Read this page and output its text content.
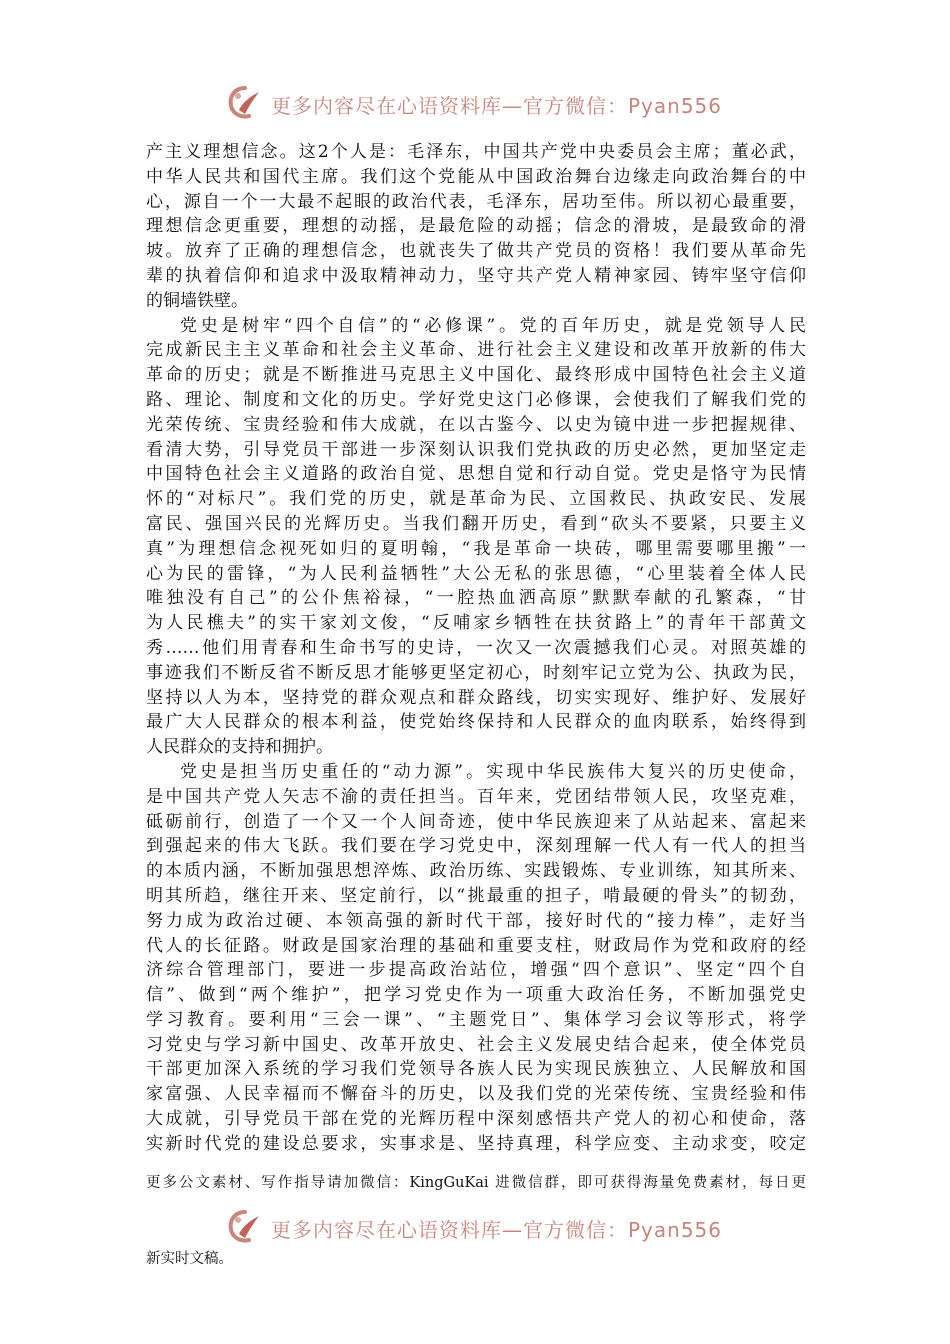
更多内容尽在心语资料库—官方微信：Pyan556
产主义理想信念。这2个人是：毛泽东，中国共产党中央委员会主席；董必武，
中华人民共和国代主席。我们这个党能从中国政治舞台边缘走向政治舞台的中
心，源自一个一大最不起眼的政治代表，毛泽东，居功至伟。所以初心最重要，
理想信念更重要，理想的动摇，是最危险的动摇；信念的滑坡，是最致命的滑
坡。放弃了正确的理想信念，也就丧失了做共产党员的资格！我们要从革命先
辈的执着信仰和追求中汲取精神动力，坚守共产党人精神家园、铸牢坚守信仰
的铜墙铁壁。
党史是树牢“四个自信”的“必修课”。党的百年历史，就是党领导人民
完成新民主主义革命和社会主义革命、进行社会主义建设和改革开放新的伟大
革命的历史；就是不断推进马克思主义中国化、最终形成中国特色社会主义道
路、理论、制度和文化的历史。学好党史这门必修课，会使我们了解我们党的
光荣传统、宝贵经验和伟大成就，在以古鉴今、以史为镜中进一步把握规律、
看清大势，引导党员干部进一步深刻认识我们党执政的历史必然，更加坚定走
中国特色社会主义道路的政治自觉、思想自觉和行动自觉。党史是恪守为民情
怀的“对标尺”。我们党的历史，就是革命为民、立国救民、执政安民、发展
富民、强国兴民的光辉历史。当我们翻开历史，看到“砍头不要紧，只要主义
真”为理想信念视死如归的夏明翰，“我是革命一块砖，哪里需要哪里搬”一
心为民的雷锋，“为人民利益牺牲”大公无私的张思德，“心里装着全体人民
唯独没有自己”的公仆焦裕禄，“一腔热血洒高原”默默奉献的孔繁森，“甘
为人民樵夫”的实干家刘文俊，“反哺家乡牺牲在扶贫路上”的青年干部黄文
秀……他们用青春和生命书写的史诗，一次又一次震撼我们心灵。对照英雄的
事迹我们不断反省不断反思才能够更坚定初心，时刻牢记立党为公、执政为民，
坚持以人为本，坚持党的群众观点和群众路线，切实实现好、维护好、发展好
最广大人民群众的根本利益，使党始终保持和人民群众的血肉联系，始终得到
人民群众的支持和拥护。
党史是担当历史重任的“动力源”。实现中华民族伟大复兴的历史使命，
是中国共产党人矢志不渝的责任担当。百年来，党团结带领人民，攻坚克难，
砥砺前行，创造了一个又一个人间奇迹，使中华民族迎来了从站起来、富起来
到强起来的伟大飞跃。我们要在学习党史中，深刻理解一代人有一代人的担当
的本质内涵，不断加强思想淬炼、政治历练、实践锻炼、专业训练，知其所来、
明其所趋，继往开来、坚定前行，以“挑最重的担子，啃最硬的骨头”的韧劲，
努力成为政治过硬、本领高强的新时代干部，接好时代的“接力棒”，走好当
代人的长征路。财政是国家治理的基础和重要支柱，财政局作为党和政府的经
济综合管理部门，要进一步提高政治站位，增强“四个意识”、坚定“四个自
信”、做到“两个维护”，把学习党史作为一项重大政治任务，不断加强党史
学习教育。要利用“三会一课”、“主题党日”、集体学习会议等形式，将学
习党史与学习新中国史、改革开放史、社会主义发展史结合起来，使全体党员
干部更加深入系统的学习我们党领导各族人民为实现民族独立、人民解放和国
家富强、人民幸福而不懈奋斗的历史，以及我们党的光荣传统、宝贵经验和伟
大成就，引导党员干部在党的光辉历程中深刻感悟共产党人的初心和使命，落
实新时代党的建设总要求，实事求是、坚持真理，科学应变、主动求变，咬定
更多公文素材、写作指导请加微信：KingGuKai 进微信群，即可获得海量免费素材，每日更
更多内容尽在心语资料库—官方微信：Pyan556
新实时文稿。
